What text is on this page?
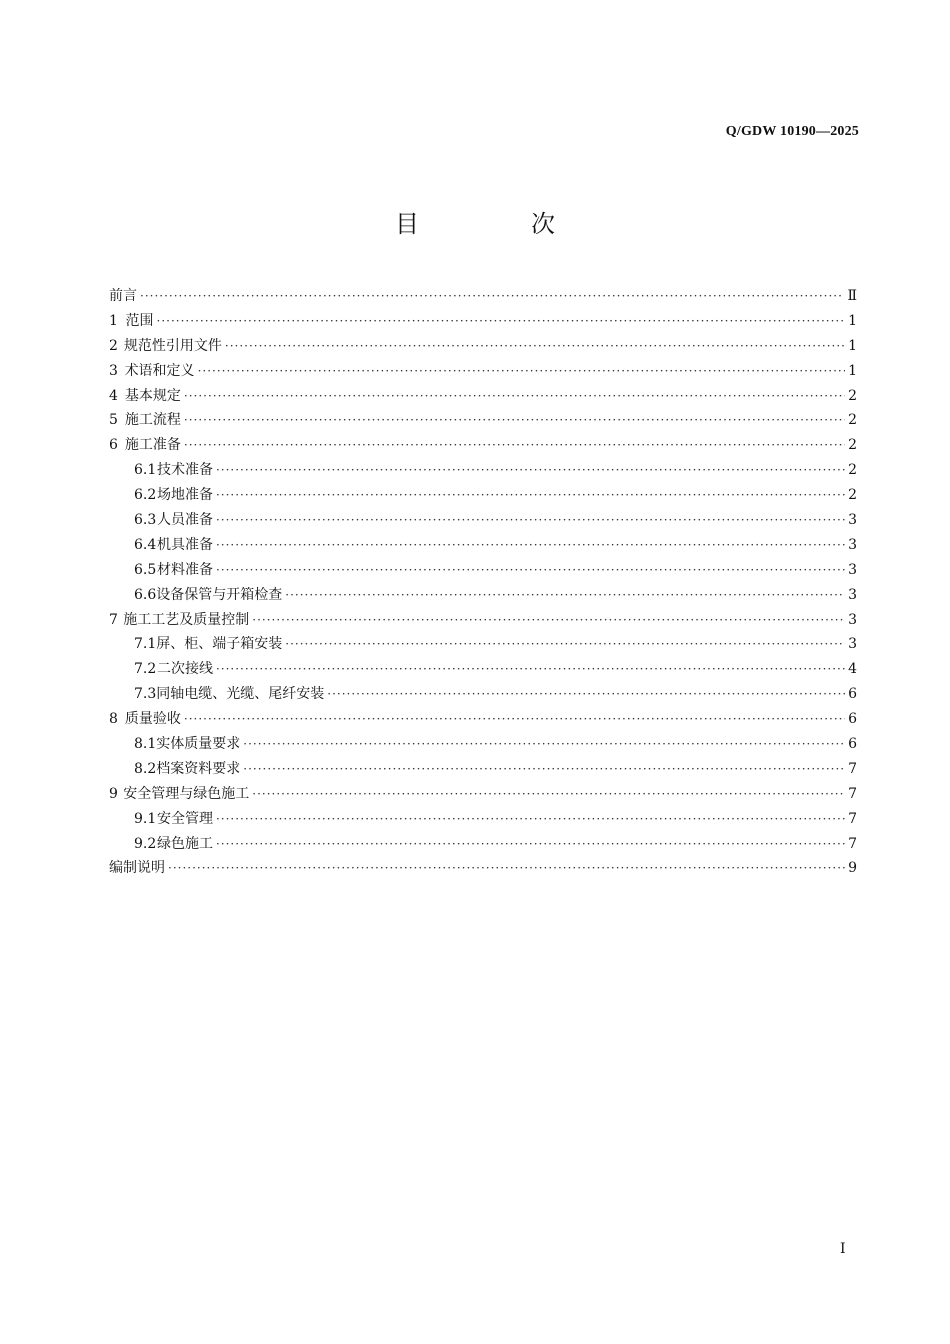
Q/GDW 10190—2025
目　次
前言 ·····	Ⅱ
1 范围 ·····	1
2 规范性引用文件 ·····	1
3 术语和定义 ·····	1
4 基本规定 ·····	2
5 施工流程 ·····	2
6 施工准备 ·····	2
6.1 技术准备 ·····	2
6.2 场地准备 ·····	2
6.3 人员准备 ·····	3
6.4 机具准备 ·····	3
6.5 材料准备 ·····	3
6.6 设备保管与开箱检查 ·····	3
7 施工工艺及质量控制 ·····	3
7.1 屏、柜、端子箱安装 ·····	3
7.2 二次接线 ·····	4
7.3 同轴电缆、光缆、尾纤安装 ·····	6
8 质量验收 ·····	6
8.1 实体质量要求 ·····	6
8.2 档案资料要求 ·····	7
9 安全管理与绿色施工 ·····	7
9.1 安全管理 ·····	7
9.2 绿色施工 ·····	7
编制说明 ·····	9
I
